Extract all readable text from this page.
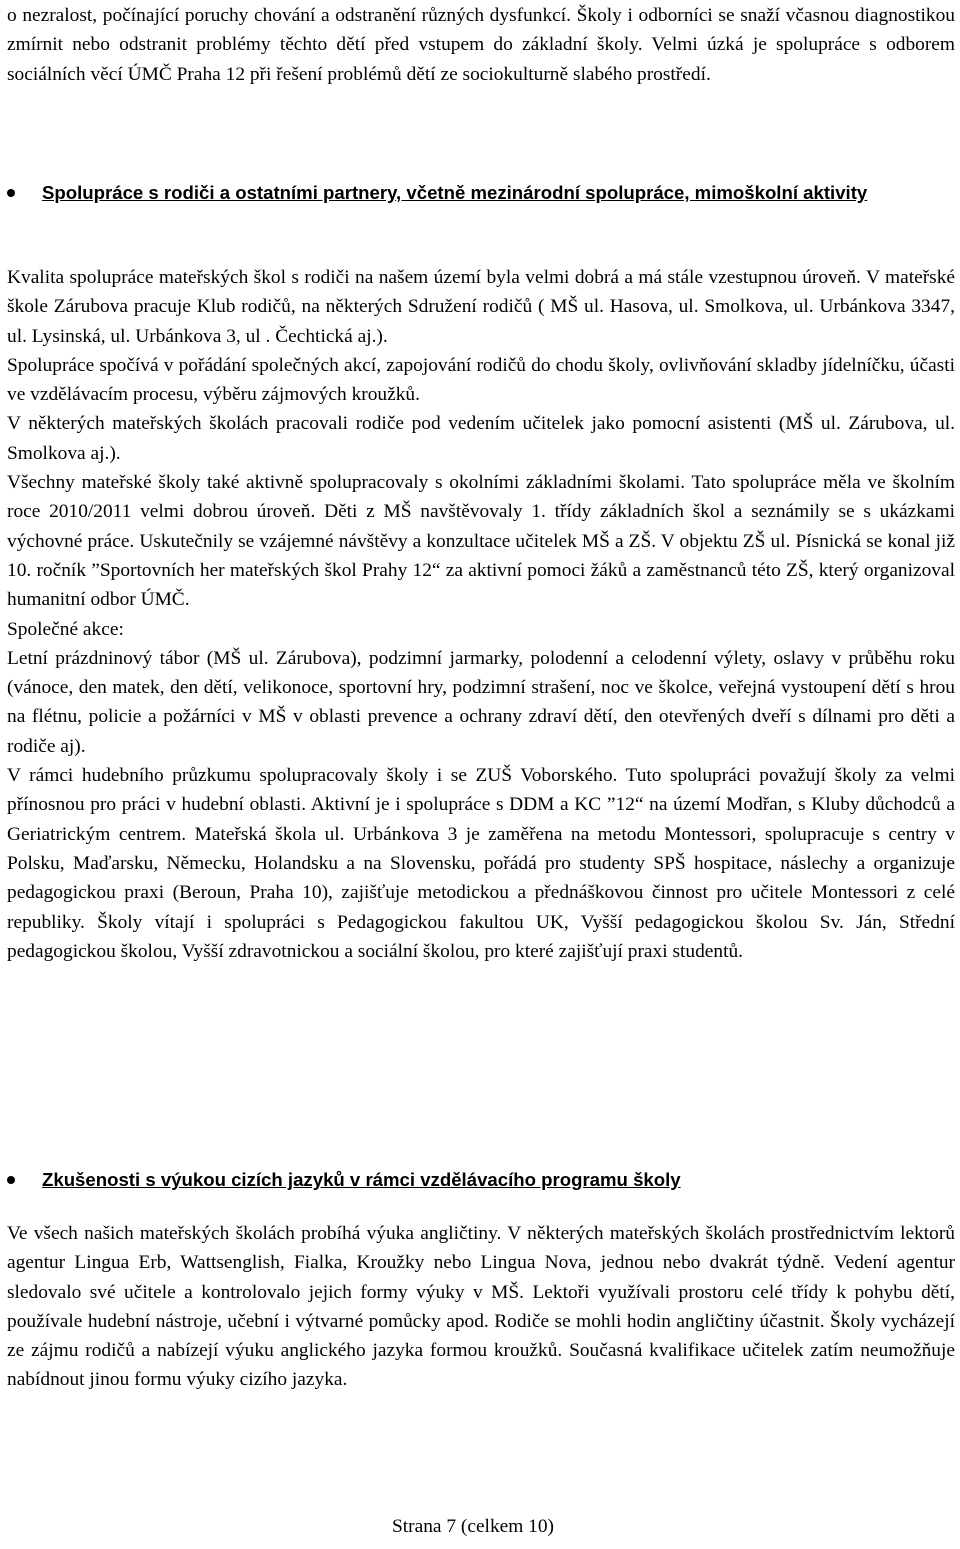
o nezralost, počínající poruchy chování a odstranění různých dysfunkcí. Školy i odborníci se snaží včasnou diagnostikou zmírnit nebo odstranit problémy těchto dětí před vstupem do základní školy. Velmi úzká je spolupráce s odborem sociálních věcí ÚMČ Praha 12 při řešení problémů dětí ze sociokulturně slabého prostředí.

Spolupráce s rodiči a ostatními partnery, včetně mezinárodní spolupráce, mimoškolní aktivity

Kvalita spolupráce mateřských škol s rodiči na našem území byla velmi dobrá a má stále vzestupnou úroveň. V mateřské škole Zárubova pracuje Klub rodičů, na některých Sdružení rodičů ( MŠ ul. Hasova, ul. Smolkova, ul. Urbánkova 3347, ul. Lysinská, ul. Urbánkova 3, ul . Čechtická aj.).

Spolupráce spočívá v pořádání společných akcí, zapojování rodičů do chodu školy, ovlivňování skladby jídelníčku, účasti ve vzdělávacím procesu, výběru zájmových kroužků.

V některých mateřských školách pracovali rodiče pod vedením učitelek jako pomocní asistenti (MŠ ul. Zárubova, ul. Smolkova aj.).

Všechny mateřské školy také aktivně spolupracovaly s okolními základními školami. Tato spolupráce měla ve školním roce 2010/2011 velmi dobrou úroveň. Děti z MŠ navštěvovaly 1. třídy základních škol a seznámily se s ukázkami výchovné práce. Uskutečnily se vzájemné návštěvy a konzultace učitelek MŠ a ZŠ. V objektu ZŠ ul. Písnická se konal již 10. ročník ˮSportovních her mateřských škol Prahy 12“ za aktivní pomoci žáků a zaměstnanců této ZŠ, který organizoval humanitní odbor ÚMČ.

Společné akce:

Letní prázdninový tábor (MŠ ul. Zárubova), podzimní jarmarky, polodenní a celodenní výlety, oslavy v průběhu roku (vánoce, den matek, den dětí, velikonoce, sportovní hry, podzimní strašení, noc ve školce, veřejná vystoupení dětí s hrou na flétnu, policie a požárníci v MŠ v oblasti prevence a ochrany zdraví dětí, den otevřených dveří s dílnami pro děti a rodiče aj).

V rámci hudebního průzkumu spolupracovaly školy i se ZUŠ Voborského. Tuto spolupráci považují školy za velmi přínosnou pro práci v hudební oblasti. Aktivní je i spolupráce s DDM a KC ˮ12“ na území Modřan, s Kluby důchodců a Geriatrickým centrem. Mateřská škola ul. Urbánkova 3 je zaměřena na metodu Montessori, spolupracuje s centry v Polsku, Maďarsku, Německu, Holandsku a na Slovensku, pořádá pro studenty SPŠ hospitace, náslechy a organizuje pedagogickou praxi (Beroun, Praha 10), zajišťuje metodickou a přednáškovou činnost pro učitele Montessori z celé republiky. Školy vítají i spolupráci s Pedagogickou fakultou UK, Vyšší pedagogickou školou Sv. Ján, Střední pedagogickou školou, Vyšší zdravotnickou a sociální školou, pro které zajišťují praxi studentů.

Zkušenosti s výukou cizích jazyků v rámci vzdělávacího programu školy

Ve všech našich mateřských školách probíhá výuka angličtiny. V některých mateřských školách prostřednictvím lektorů agentur Lingua Erb, Wattsenglish, Fialka, Kroužky nebo Lingua Nova, jednou nebo dvakrát týdně. Vedení agentur sledovalo své učitele a kontrolovalo jejich formy výuky v MŠ. Lektoři využívali prostoru celé třídy k pohybu dětí, používale hudební nástroje, učební i výtvarné pomůcky apod. Rodiče se mohli hodin angličtiny účastnit. Školy vycházejí ze zájmu rodičů a nabízejí výuku anglického jazyka formou kroužků. Současná kvalifikace učitelek zatím neumožňuje nabídnout jinou formu výuky cizího jazyka.

Strana 7 (celkem 10)
